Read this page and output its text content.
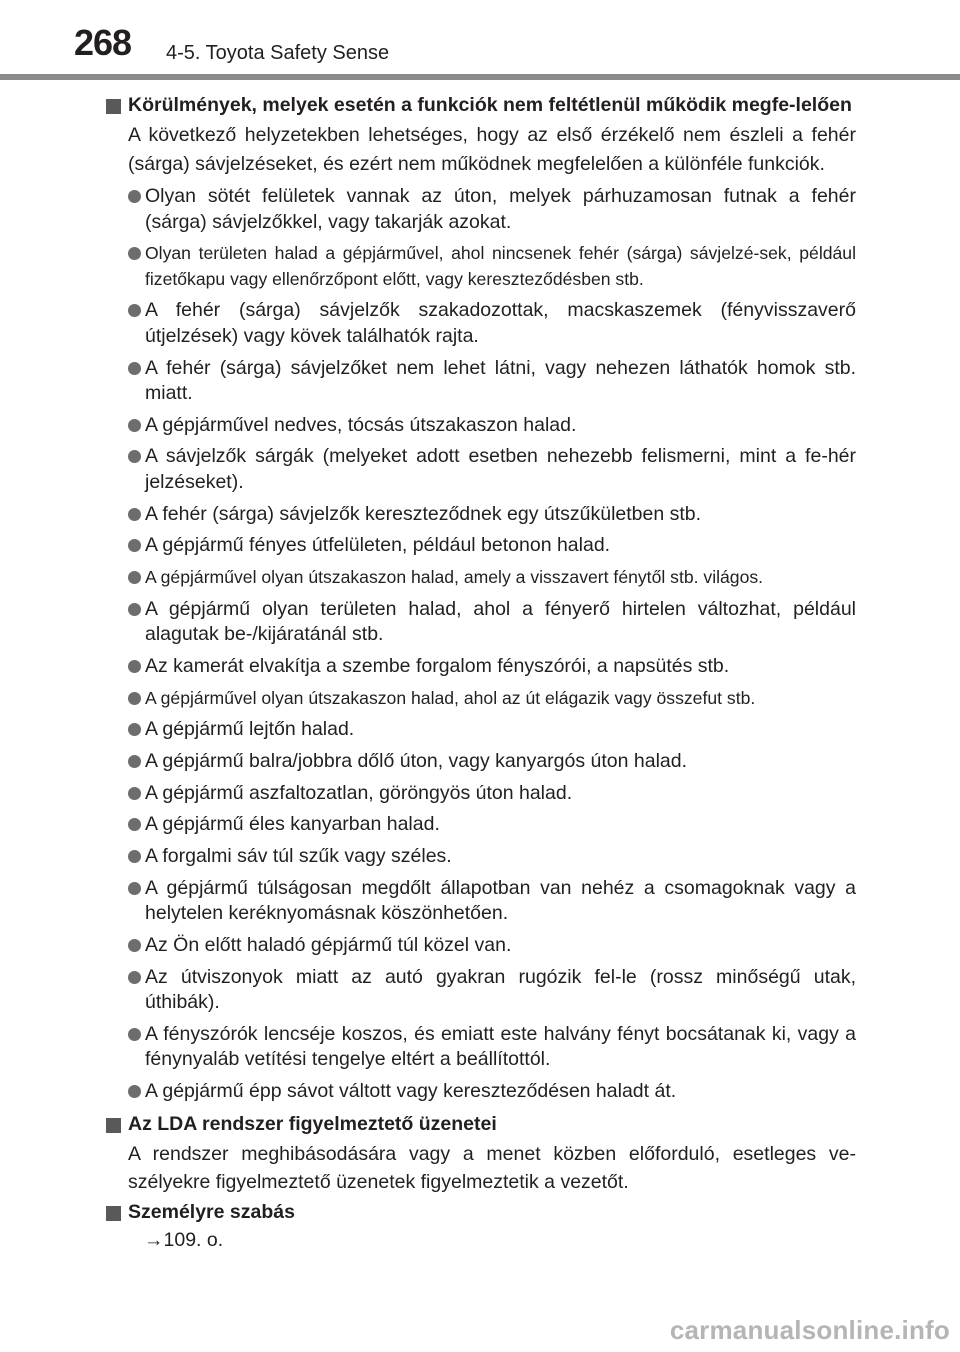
268 4-5. Toyota Safety Sense
Körülmények, melyek esetén a funkciók nem feltétlenül működik megfe-lelően
A következő helyzetekben lehetséges, hogy az első érzékelő nem észleli a fehér (sárga) sávjelzéseket, és ezért nem működnek megfelelően a különféle funkciók.
Olyan sötét felületek vannak az úton, melyek párhuzamosan futnak a fehér (sárga) sávjelzőkkel, vagy takarják azokat.
Olyan területen halad a gépjárművel, ahol nincsenek fehér (sárga) sávjelzé-sek, például fizetőkapu vagy ellenőrzőpont előtt, vagy kereszteződésben stb.
A fehér (sárga) sávjelzők szakadozottak, macskaszemek (fényvisszaverő útjelzések) vagy kövek találhatók rajta.
A fehér (sárga) sávjelzőket nem lehet látni, vagy nehezen láthatók homok stb. miatt.
A gépjárművel nedves, tócsás útszakaszon halad.
A sávjelzők sárgák (melyeket adott esetben nehezebb felismerni, mint a fe-hér jelzéseket).
A fehér (sárga) sávjelzők kereszteződnek egy útszűkületben stb.
A gépjármű fényes útfelületen, például betonon halad.
A gépjárművel olyan útszakaszon halad, amely a visszavert fénytől stb. világos.
A gépjármű olyan területen halad, ahol a fényerő hirtelen változhat, például alagutak be-/kijáratánál stb.
Az kamerát elvakítja a szembe forgalom fényszórói, a napsütés stb.
A gépjárművel olyan útszakaszon halad, ahol az út elágazik vagy összefut stb.
A gépjármű lejtőn halad.
A gépjármű balra/jobbra dőlő úton, vagy kanyargós úton halad.
A gépjármű aszfaltozatlan, göröngyös úton halad.
A gépjármű éles kanyarban halad.
A forgalmi sáv túl szűk vagy széles.
A gépjármű túlságosan megdőlt állapotban van nehéz a csomagoknak vagy a helytelen keréknyomásnak köszönhetően.
Az Ön előtt haladó gépjármű túl közel van.
Az útviszonyok miatt az autó gyakran rugózik fel-le (rossz minőségű utak, úthibák).
A fényszórók lencséje koszos, és emiatt este halvány fényt bocsátanak ki, vagy a fénynyaláb vetítési tengelye eltért a beállítottól.
A gépjármű épp sávot váltott vagy kereszteződésen haladt át.
Az LDA rendszer figyelmeztető üzenetei
A rendszer meghibásodására vagy a menet közben előforduló, esetleges ve-szélyekre figyelmeztető üzenetek figyelmeztetik a vezetőt.
Személyre szabás
→109. o.
carmanualsonline.info
